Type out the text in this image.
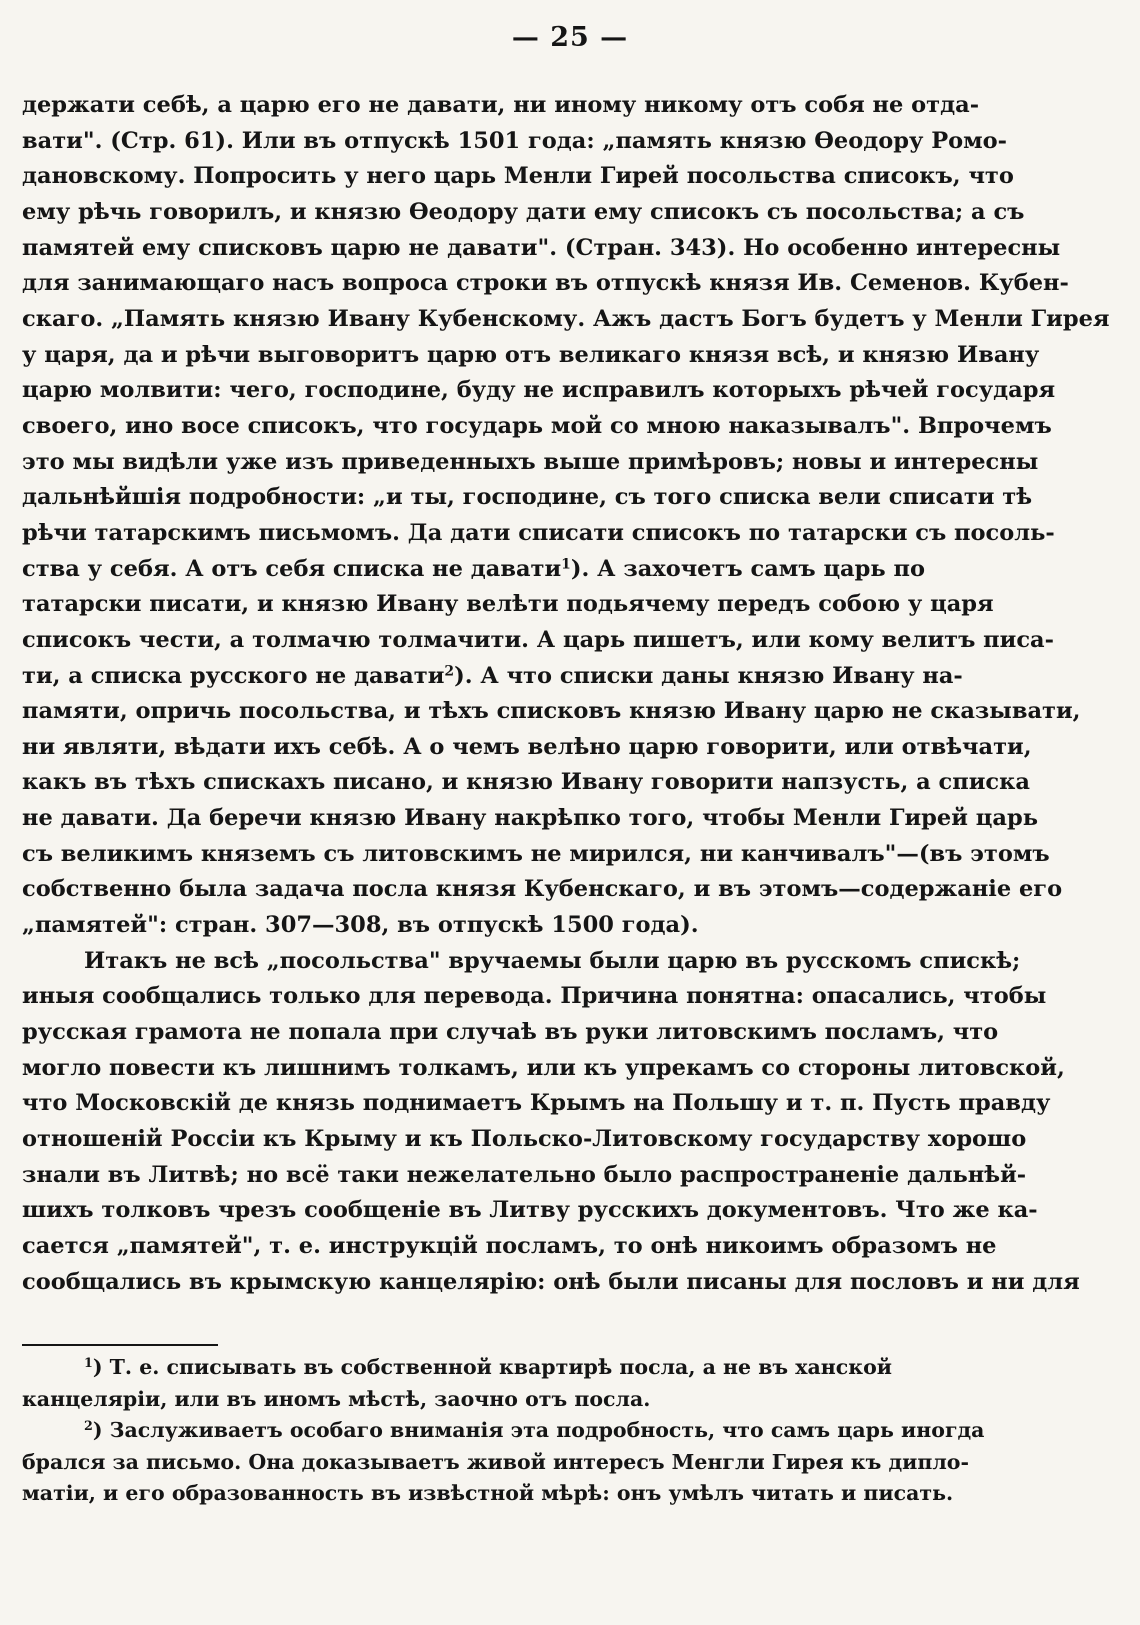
— 25 —
держати себѣ, а царю его не давати, ни иному никому отъ собя не отда-
вати". (Стр. 61). Или въ отпускѣ 1501 года: „память князю Ѳеодору Ромо-
дановскому. Попросить у него царь Менли Гирей посольства списокъ, что
ему рѣчь говорилъ, и князю Ѳеодору дати ему списокъ съ посольства; а съ
памятей ему списковъ царю не давати". (Стран. 343). Но особенно интересны
для занимающаго насъ вопроса строки въ отпускѣ князя Ив. Семенов. Кубен-
скаго. „Память князю Ивану Кубенскому. Ажъ дастъ Богъ будетъ у Менли Гирея
у царя, да и рѣчи выговоритъ царю отъ великаго князя всѣ, и князю Ивану
царю молвити: чего, господине, буду не исправилъ которыхъ рѣчей государя
своего, ино восе списокъ, что государь мой со мною наказывалъ". Впрочемъ
это мы видѣли уже изъ приведенныхъ выше примѣровъ; новы и интересны
дальнѣйшія подробности: „и ты, господине, съ того списка вели списати тѣ
рѣчи татарскимъ письмомъ. Да дати списати списокъ по татарски съ посоль-
ства у себя. А отъ себя списка не давати$^1$). А захочетъ самъ царь по
татарски писати, и князю Ивану велѣти подьячему передъ собою у царя
списокъ чести, а толмачю толмачити. А царь пишетъ, или кому велитъ писа-
ти, а списка русского не давати$^2$). А что списки даны князю Ивану на-
памяти, опричь посольства, и тѣхъ списковъ князю Ивану царю не сказывати,
ни являти, вѣдати ихъ себѣ. А о чемъ велѣно царю говорити, или отвѣчати,
какъ въ тѣхъ спискахъ писано, и князю Ивану говорити напзусть, а списка
не давати. Да беречи князю Ивану накрѣпко того, чтобы Менли Гирей царь
съ великимъ княземъ съ литовскимъ не мирился, ни канчивалъ"—(въ этомъ
собственно была задача посла князя Кубенскаго, и въ этомъ—содержаніе его
„памятей": стран. 307—308, въ отпускѣ 1500 года).
Итакъ не всѣ „посольства" вручаемы были царю въ русскомъ спискѣ;
иныя сообщались только для перевода. Причина понятна: опасались, чтобы
русская грамота не попала при случаѣ въ руки литовскимъ посламъ, что
могло повести къ лишнимъ толкамъ, или къ упрекамъ со стороны литовской,
что Московскій де князь поднимаетъ Крымъ на Польшу и т. п. Пусть правду
отношеній Россіи къ Крыму и къ Польско-Литовскому государству хорошо
знали въ Литвѣ; но всё таки нежелательно было распространеніе дальнѣй-
шихъ толковъ чрезъ сообщеніе въ Литву русскихъ документовъ. Что же ка-
сается „памятей", т. е. инструкцій посламъ, то онѣ никоимъ образомъ не
сообщались въ крымскую канцелярію: онѣ были писаны для пословъ и ни для
$^1$) Т. е. списывать въ собственной квартирѣ посла, а не въ ханской
канцеляріи, или въ иномъ мѣстѣ, заочно отъ посла.
$^2$) Заслуживаетъ особаго вниманія эта подробность, что самъ царь иногда
брался за письмо. Она доказываетъ живой интересъ Менгли Гирея къ дипло-
матіи, и его образованность въ извѣстной мѣрѣ: онъ умѣлъ читать и писать.
